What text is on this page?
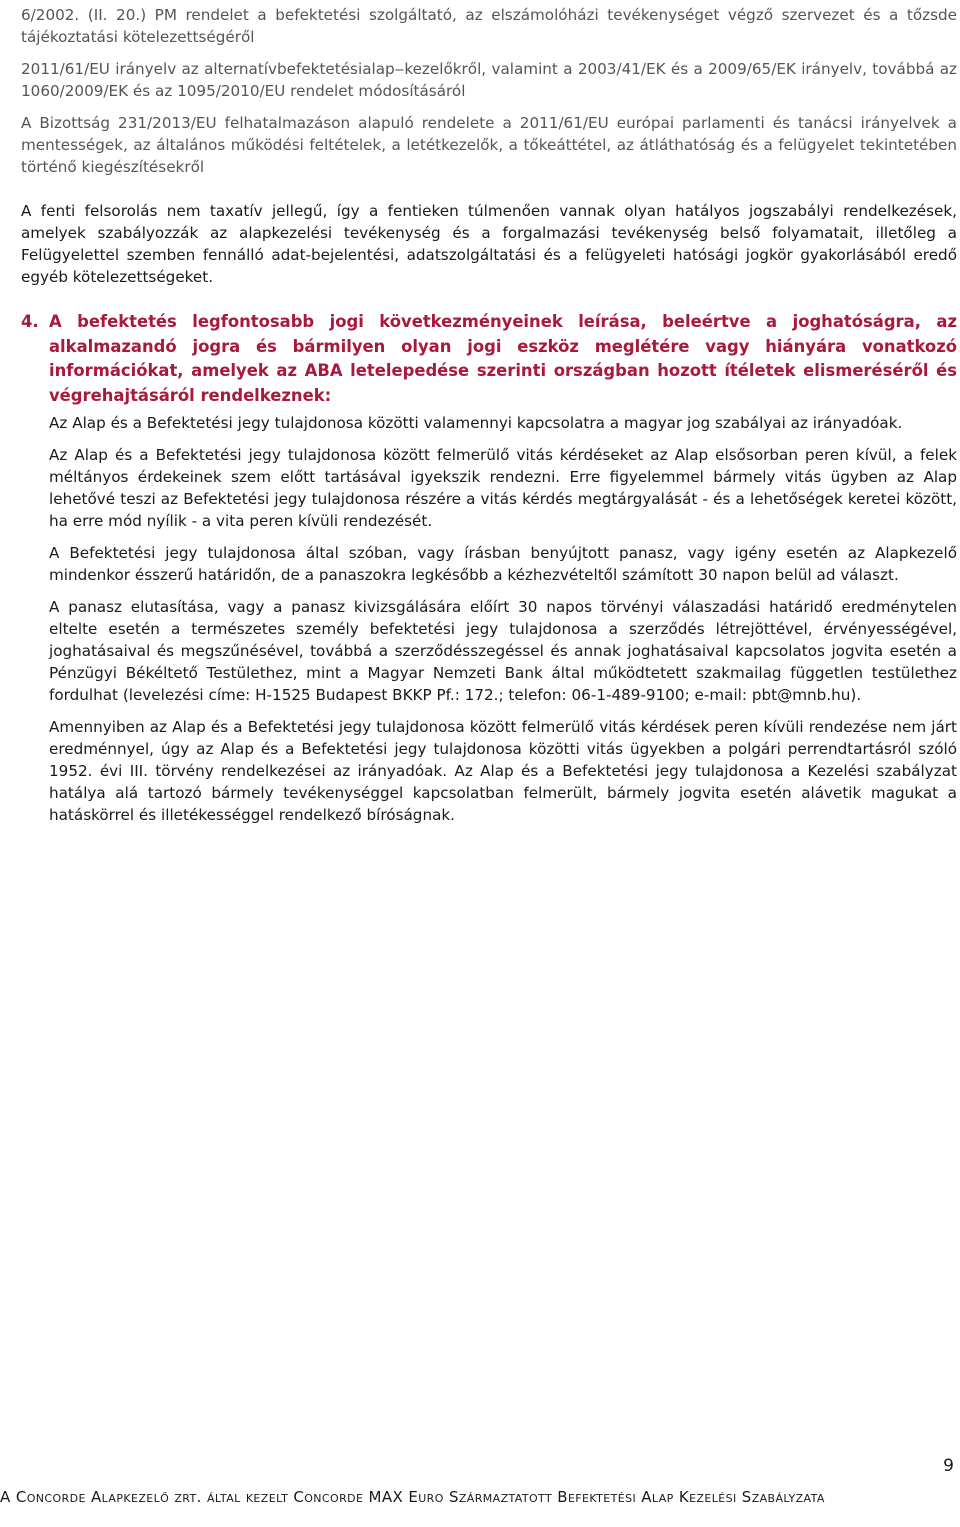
6/2002. (II. 20.) PM rendelet a befektetési szolgáltató, az elszámolóházi tevékenységet végző szervezet és a tőzsde tájékoztatási kötelezettségéről

2011/61/EU irányelv az alternatívbefektetésialap‒kezelőkről, valamint a 2003/41/EK és a 2009/65/EK irányelv, továbbá az 1060/2009/EK és az 1095/2010/EU rendelet módosításáról

A Bizottság 231/2013/EU felhatalmazáson alapuló rendelete a 2011/61/EU európai parlamenti és tanácsi irányelvek a mentességek, az általános működési feltételek, a letétkezelők, a tőkeáttétel, az átláthatóság és a felügyelet tekintetében történő kiegészítésekről

A fenti felsorolás nem taxatív jellegű, így a fentieken túlmenően vannak olyan hatályos jogszabályi rendelkezések, amelyek szabályozzák az alapkezelési tevékenység és a forgalmazási tevékenység belső folyamatait, illetőleg a Felügyelettel szemben fennálló adat-bejelentési, adatszolgáltatási és a felügyeleti hatósági jogkör gyakorlásából eredő egyéb kötelezettségeket.

4. A befektetés legfontosabb jogi következményeinek leírása, beleértve a joghatóságra, az alkalmazandó jogra és bármilyen olyan jogi eszköz meglétére vagy hiányára vonatkozó információkat, amelyek az ABA letelepedése szerinti országban hozott ítéletek elismeréséről és végrehajtásáról rendelkeznek:

Az Alap és a Befektetési jegy tulajdonosa közötti valamennyi kapcsolatra a magyar jog szabályai az irányadóak.

Az Alap és a Befektetési jegy tulajdonosa között felmerülő vitás kérdéseket az Alap elsősorban peren kívül, a felek méltányos érdekeinek szem előtt tartásával igyekszik rendezni. Erre figyelemmel bármely vitás ügyben az Alap lehetővé teszi az Befektetési jegy tulajdonosa részére a vitás kérdés megtárgyalását - és a lehetőségek keretei között, ha erre mód nyílik - a vita peren kívüli rendezését.

A Befektetési jegy tulajdonosa által szóban, vagy írásban benyújtott panasz, vagy igény esetén az Alapkezelő mindenkor ésszerű határidőn, de a panaszokra legkésőbb a kézhezvételtől számított 30 napon belül ad választ.

A panasz elutasítása, vagy a panasz kivizsgálására előírt 30 napos törvényi válaszadási határidő eredménytelen eltelte esetén a természetes személy befektetési jegy tulajdonosa a szerződés létrejöttével, érvényességével, joghatásaival és megszűnésével, továbbá a szerződésszegéssel és annak joghatásaival kapcsolatos jogvita esetén a Pénzügyi Békéltető Testülethez, mint a Magyar Nemzeti Bank által működtetett szakmailag független testülethez fordulhat (levelezési címe: H-1525 Budapest BKKP Pf.: 172.; telefon: 06-1-489-9100; e-mail: pbt@mnb.hu).

Amennyiben az Alap és a Befektetési jegy tulajdonosa között felmerülő vitás kérdések peren kívüli rendezése nem járt eredménnyel, úgy az Alap és a Befektetési jegy tulajdonosa közötti vitás ügyekben a polgári perrendtartásról szóló 1952. évi III. törvény rendelkezései az irányadóak. Az Alap és a Befektetési jegy tulajdonosa a Kezelési szabályzat hatálya alá tartozó bármely tevékenységgel kapcsolatban felmerült, bármely jogvita esetén alávetik magukat a hatáskörrel és illetékességgel rendelkező bíróságnak.

9
A Concorde Alapkezelő zrt. által kezelt Concorde MAX Euro Származtatott Befektetési Alap Kezelési Szabályzata
